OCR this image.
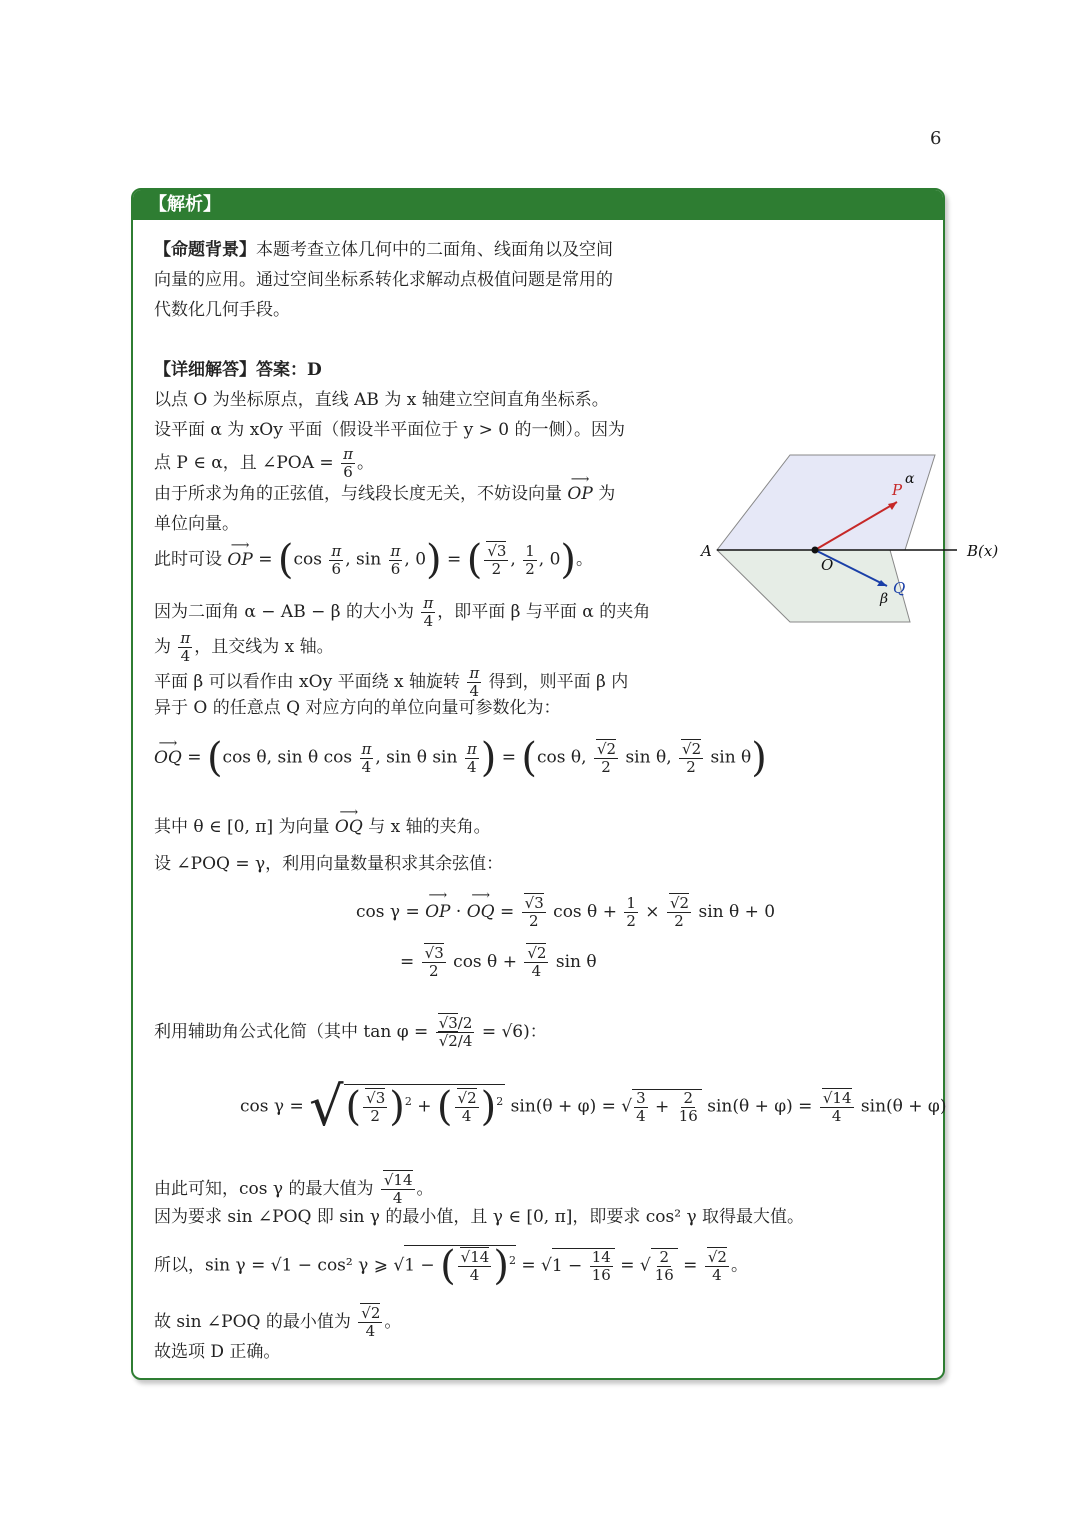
6
【解析】
【命题背景】本题考查立体几何中的二面角、线面角以及空间
向量的应用。通过空间坐标系转化求解动点极值问题是常用的
代数化几何手段。
【详细解答】答案：D
以点 O 为坐标原点，直线 AB 为 x 轴建立空间直角坐标系。
设平面 α 为 xOy 平面（假设半平面位于 y > 0 的一侧）。因为
点 P ∈ α，且 ∠POA = $\frac{\pi}{6}$ 。
由于所求为角的正弦值，与线段长度无关，不妨设向量 ⟶ OP 为
单位向量。
此时可设 ⟶ OP = ($\cos \frac{\pi}{6}$ , $\sin \frac{\pi}{6}$ , 0) = ( $\frac{√3}{2}$ , $\frac{1}{2}$ , 0)。
因为二面角 α − AB − β 的大小为 $\frac{\pi}{4}$ ，即平面 β 与平面 α 的夹角
为 $\frac{\pi}{4}$ ，且交线为 x 轴。
平面 β 可以看作由 xOy 平面绕 x 轴旋转 $\frac{\pi}{4}$ 得到，则平面 β 内
异于 O 的任意点 Q 对应方向的单位向量可参数化为：
⟶ OQ = (cos θ, sin θ $\cos \frac{\pi}{4}$ , sin θ $\sin \frac{\pi}{4}$ ) = (cos θ, $\frac{√2}{2}$ sin θ, $\frac{√2}{2}$ sin θ)
其中 θ ∈ [0, π] 为向量 ⟶ OQ 与 x 轴的夹角。
设 ∠POQ = γ，利用向量数量积求其余弦值：
cos γ = ⟶ OP · ⟶ OQ = $\frac{√3}{2}$ $\cos \theta + \frac{1}{2} \times \frac{√2}{2}$ sin θ + 0
= $\frac{√3}{2}$ $\cos \theta + \frac{√2}{4}$ sin θ
利用辅助角公式化简（其中 $\tan \varphi = \frac{√3/2}{√2/4} = √6$)：
cos γ = √( $\frac{√3}{2} )^2$ + ( $\frac{√2}{4} )^2$ sin(θ + φ) = √ $\frac{3}{4} + \frac{2}{16} \sin(\theta + \varphi) = \frac{√14}{4} \sin(\theta + \varphi)$
由此可知，cos γ 的最大值为 $\frac{√14}{4}$ 。
因为要求 sin ∠POQ 即 sin γ 的最小值，且 γ ∈ [0, π]，即要求 cos² γ 取得最大值。
所以，sin γ = √1 − cos² γ ⩾ √1 − ( $\frac{√14}{4} )^2 = √1 - \frac{14}{16}$ = √ $\frac{2}{16} = \frac{√2}{4}$ 。
故 sin ∠POQ 的最小值为 $\frac{√2}{4}$ 。
故选项 D 正确。
A	B(x)
O
P
α
Q
β
